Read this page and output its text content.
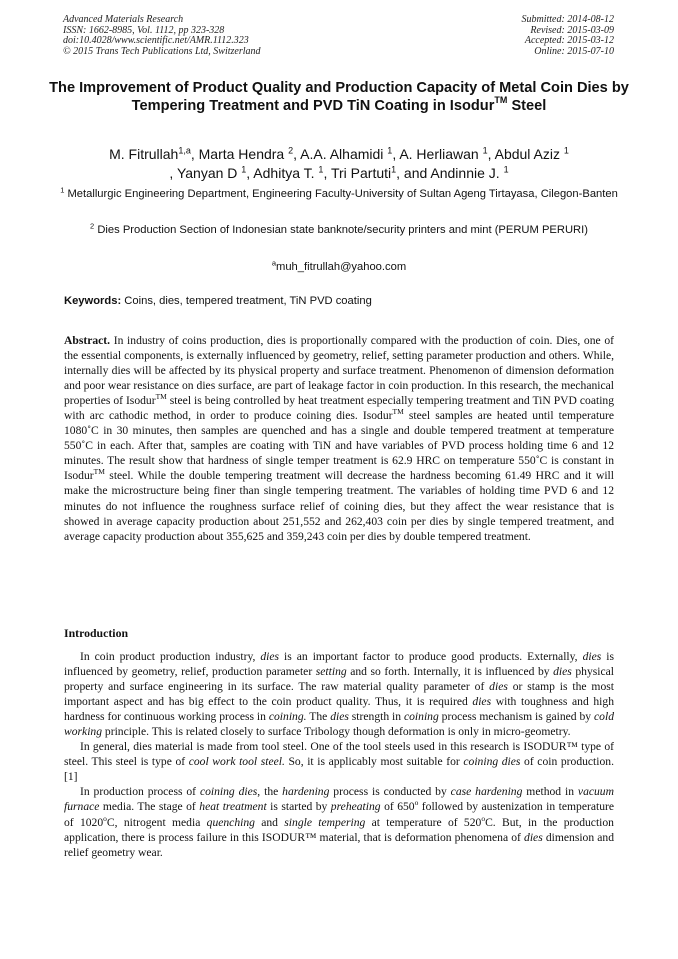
Advanced Materials Research
ISSN: 1662-8985, Vol. 1112, pp 323-328
doi:10.4028/www.scientific.net/AMR.1112.323
© 2015 Trans Tech Publications Ltd, Switzerland
Submitted: 2014-08-12
Revised: 2015-03-09
Accepted: 2015-03-12
Online: 2015-07-10
The Improvement of Product Quality and Production Capacity of Metal Coin Dies by Tempering Treatment and PVD TiN Coating in Isodur™ Steel
M. Fitrullah$^{1,a}$, Marta Hendra $^2$, A.A. Alhamidi $^1$, A. Herliawan $^1$, Abdul Aziz $^1$
, Yanyan D $^1$, Adhitya T. $^1$, Tri Partuti$^1$, and Andinnie J. $^1$
$^1$ Metallurgic Engineering Department, Engineering Faculty-University of Sultan Ageng Tirtayasa, Cilegon-Banten
$^2$ Dies Production Section of Indonesian state banknote/security printers and mint (PERUM PERURI)
$^a$muh_fitrullah@yahoo.com
Keywords: Coins, dies, tempered treatment, TiN PVD coating
Abstract. In industry of coins production, dies is proportionally compared with the production of coin. Dies, one of the essential components, is externally influenced by geometry, relief, setting parameter production and others. While, internally dies will be affected by its physical property and surface treatment. Phenomenon of dimension deformation and poor wear resistance on dies surface, are part of leakage factor in coin production. In this research, the mechanical properties of Isodur™ steel is being controlled by heat treatment especially tempering treatment and TiN PVD coating with arc cathodic method, in order to produce coining dies. Isodur™ steel samples are heated until temperature 1080˚C in 30 minutes, then samples are quenched and has a single and double tempered treatment at temperature 550˚C in each. After that, samples are coating with TiN and have variables of PVD process holding time 6 and 12 minutes. The result show that hardness of single temper treatment is 62.9 HRC on temperature 550˚C is constant in Isodur™ steel. While the double tempering treatment will decrease the hardness becoming 61.49 HRC and it will make the microstructure being finer than single tempering treatment. The variables of holding time PVD 6 and 12 minutes do not influence the roughness surface relief of coining dies, but they affect the wear resistance that is showed in average capacity production about 251,552 and 262,403 coin per dies by single tempered treatment, and average capacity production about 355,625 and 359,243 coin per dies by double tempered treatment.
Introduction

In coin product production industry, dies is an important factor to produce good products. Externally, dies is influenced by geometry, relief, production parameter setting and so forth. Internally, it is influenced by dies physical property and surface engineering in its surface. The raw material quality parameter of dies or stamp is the most important aspect and has big effect to the coin product quality. Thus, it is required dies with toughness and high hardness for continuous working process in coining. The dies strength in coining process mechanism is gained by cold working principle. This is related closely to surface Tribology though deformation is only in micro-geometry.

In general, dies material is made from tool steel. One of the tool steels used in this research is ISODUR™ type of steel. This steel is type of cool work tool steel. So, it is applicably most suitable for coining dies of coin production. [1]

In production process of coining dies, the hardening process is conducted by case hardening method in vacuum furnace media. The stage of heat treatment is started by preheating of 650$^o$ followed by austenization in temperature of 1020$^o$C, nitrogent media quenching and single tempering at temperature of 520$^o$C. But, in the production application, there is process failure in this ISODUR™ material, that is deformation phenomena of dies dimension and relief geometry wear.
